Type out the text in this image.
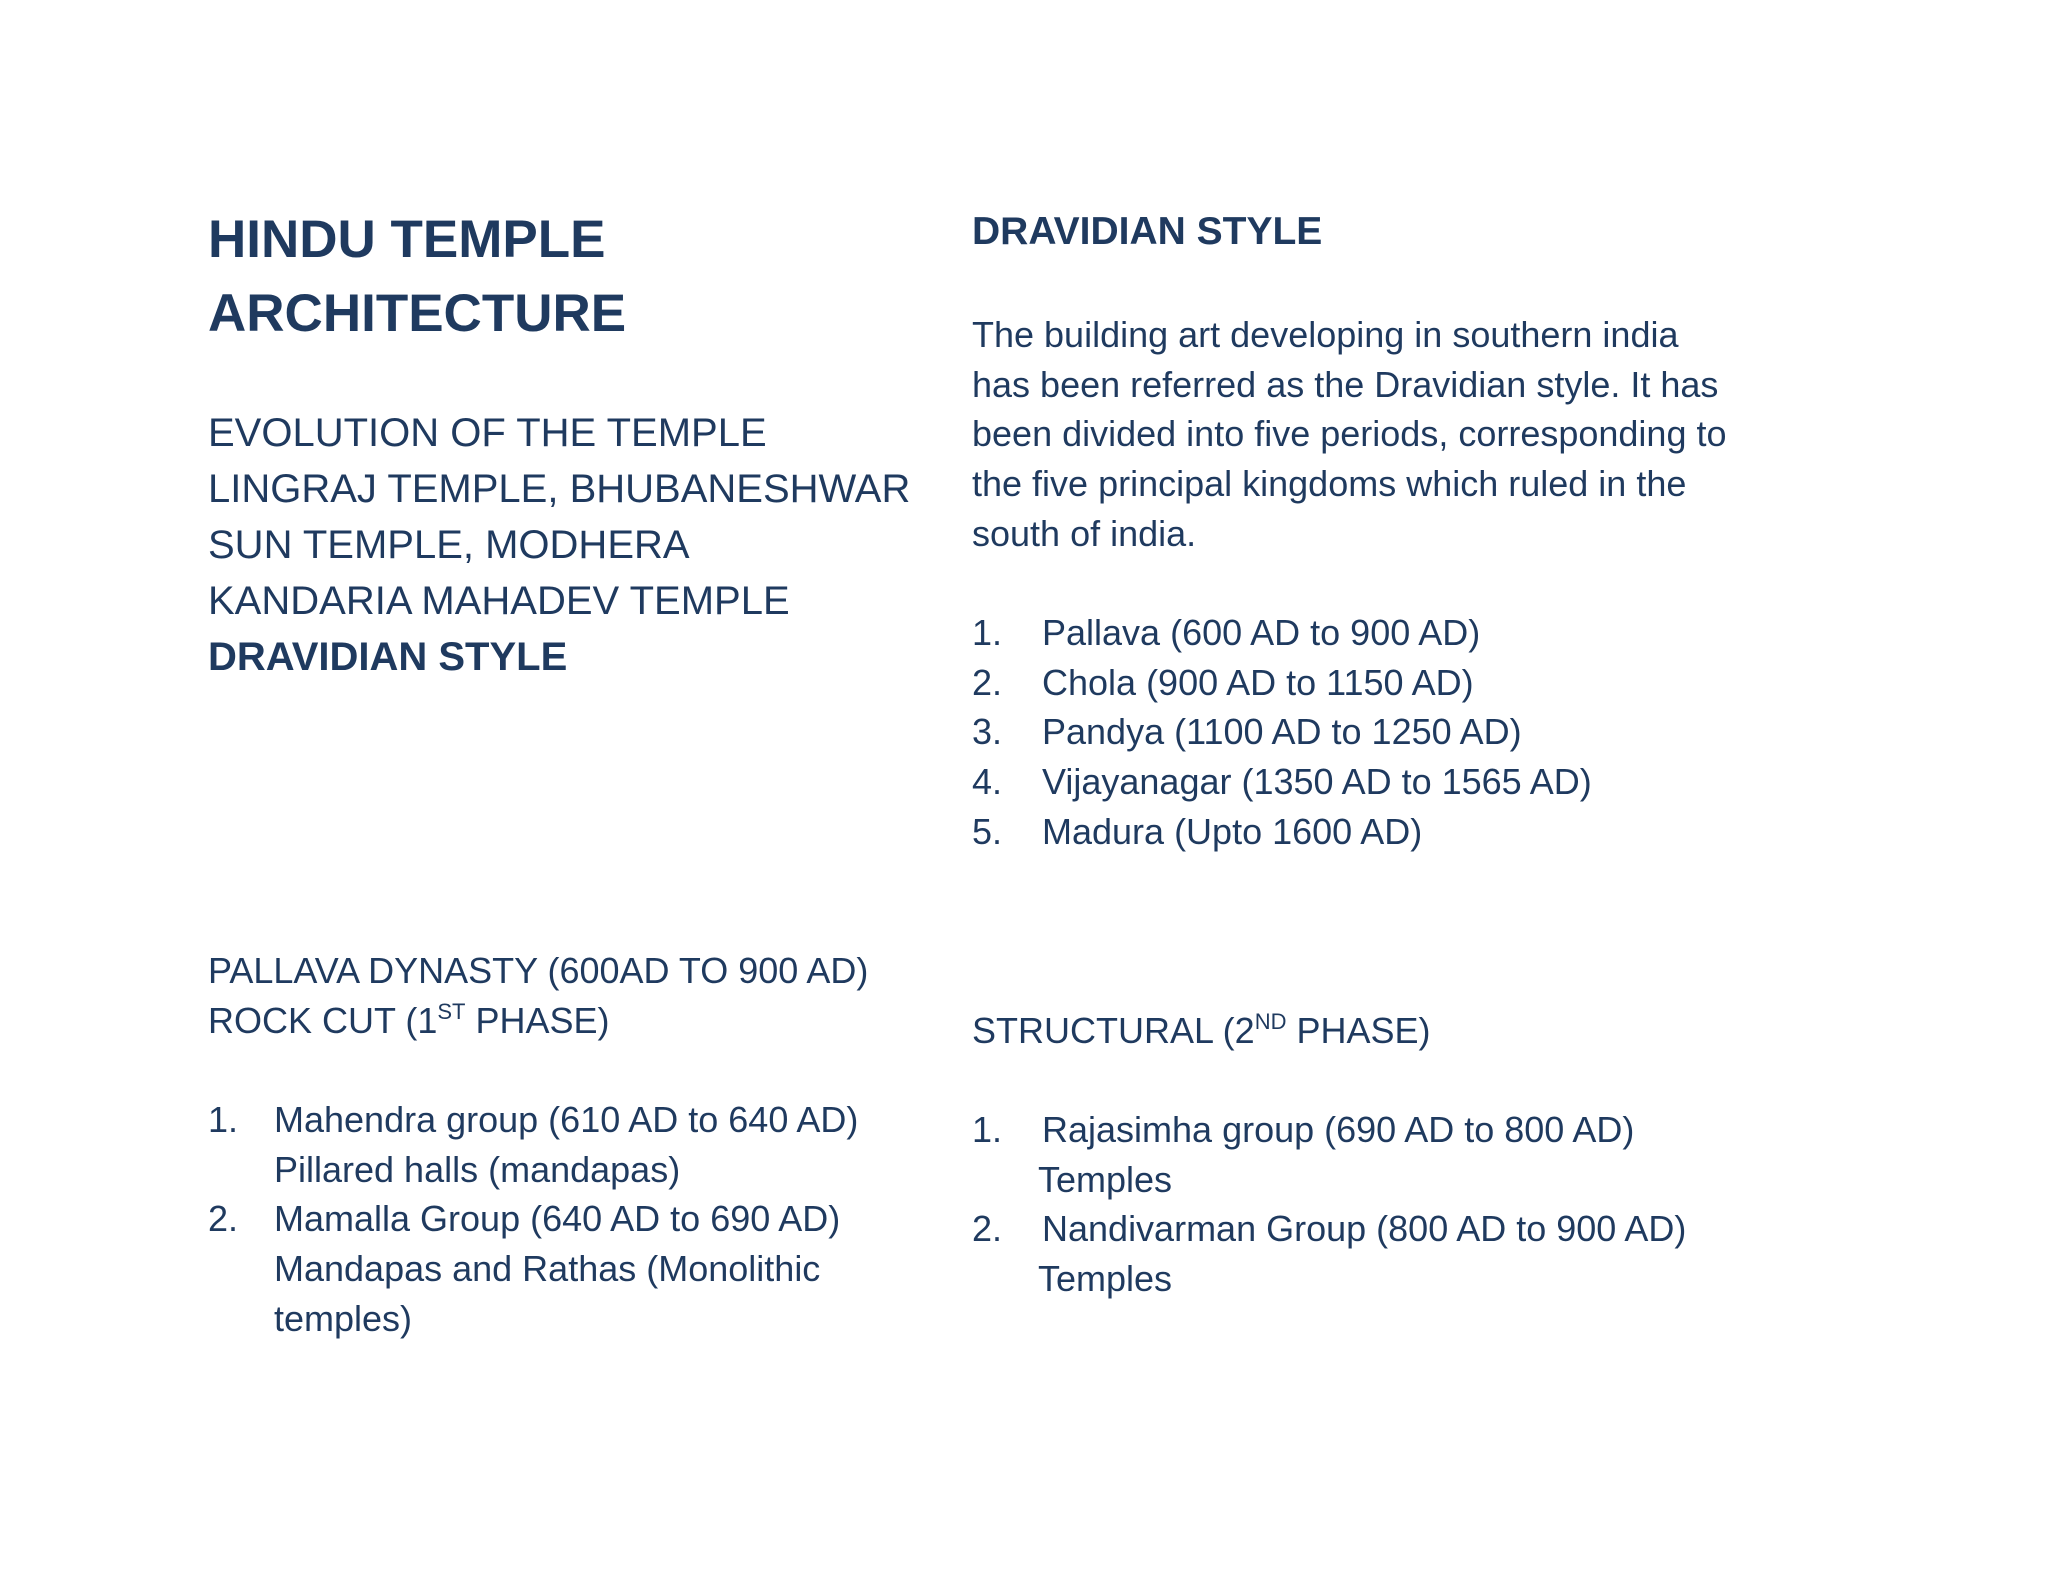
HINDU TEMPLE
ARCHITECTURE
EVOLUTION OF THE TEMPLE
LINGRAJ TEMPLE, BHUBANESHWAR
SUN TEMPLE, MODHERA
KANDARIA MAHADEV TEMPLE
DRAVIDIAN STYLE
DRAVIDIAN STYLE
The building art developing in southern india
has been referred as the Dravidian style. It has
been divided into five periods, corresponding to
the five principal kingdoms which ruled in the
south of india.
1. Pallava (600 AD to 900 AD)
2. Chola (900 AD to 1150 AD)
3. Pandya (1100 AD to 1250 AD)
4. Vijayanagar (1350 AD to 1565 AD)
5. Madura (Upto 1600 AD)
PALLAVA DYNASTY (600AD TO 900 AD)
ROCK CUT (1ST PHASE)
1. Mahendra group (610 AD to 640 AD)
Pillared halls (mandapas)
2. Mamalla Group (640 AD to 690 AD)
Mandapas and Rathas (Monolithic
temples)
STRUCTURAL (2ND PHASE)
1. Rajasimha group (690 AD to 800 AD)
Temples
2. Nandivarman Group (800 AD to 900 AD)
Temples
